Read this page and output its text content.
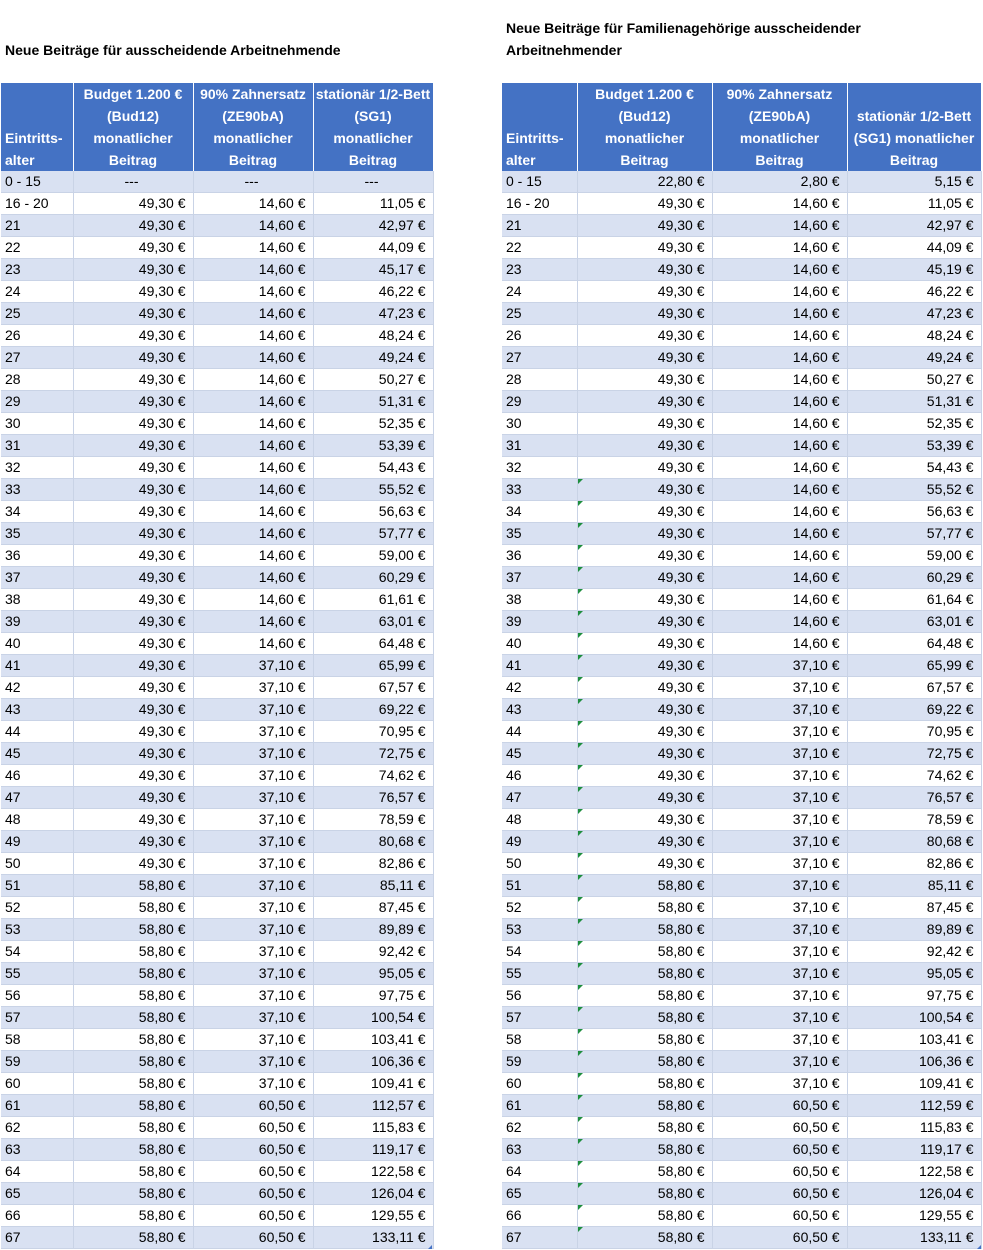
Neue Beiträge für ausscheidende Arbeitnehmende
Neue Beiträge für Familienagehörige ausscheidender Arbeitnehmender
Eintritts- alter	Budget 1.200 € (Bud12) monatlicher Beitrag	90% Zahnersatz (ZE90bA) monatlicher Beitrag	stationär 1/2-Bett (SG1) monatlicher Beitrag
0 - 15	---	---	---
16 - 20	49,30 €	14,60 €	11,05 €
21	49,30 €	14,60 €	42,97 €
22	49,30 €	14,60 €	44,09 €
23	49,30 €	14,60 €	45,17 €
24	49,30 €	14,60 €	46,22 €
25	49,30 €	14,60 €	47,23 €
26	49,30 €	14,60 €	48,24 €
27	49,30 €	14,60 €	49,24 €
28	49,30 €	14,60 €	50,27 €
29	49,30 €	14,60 €	51,31 €
30	49,30 €	14,60 €	52,35 €
31	49,30 €	14,60 €	53,39 €
32	49,30 €	14,60 €	54,43 €
33	49,30 €	14,60 €	55,52 €
34	49,30 €	14,60 €	56,63 €
35	49,30 €	14,60 €	57,77 €
36	49,30 €	14,60 €	59,00 €
37	49,30 €	14,60 €	60,29 €
38	49,30 €	14,60 €	61,61 €
39	49,30 €	14,60 €	63,01 €
40	49,30 €	14,60 €	64,48 €
41	49,30 €	37,10 €	65,99 €
42	49,30 €	37,10 €	67,57 €
43	49,30 €	37,10 €	69,22 €
44	49,30 €	37,10 €	70,95 €
45	49,30 €	37,10 €	72,75 €
46	49,30 €	37,10 €	74,62 €
47	49,30 €	37,10 €	76,57 €
48	49,30 €	37,10 €	78,59 €
49	49,30 €	37,10 €	80,68 €
50	49,30 €	37,10 €	82,86 €
51	58,80 €	37,10 €	85,11 €
52	58,80 €	37,10 €	87,45 €
53	58,80 €	37,10 €	89,89 €
54	58,80 €	37,10 €	92,42 €
55	58,80 €	37,10 €	95,05 €
56	58,80 €	37,10 €	97,75 €
57	58,80 €	37,10 €	100,54 €
58	58,80 €	37,10 €	103,41 €
59	58,80 €	37,10 €	106,36 €
60	58,80 €	37,10 €	109,41 €
61	58,80 €	60,50 €	112,57 €
62	58,80 €	60,50 €	115,83 €
63	58,80 €	60,50 €	119,17 €
64	58,80 €	60,50 €	122,58 €
65	58,80 €	60,50 €	126,04 €
66	58,80 €	60,50 €	129,55 €
67	58,80 €	60,50 €	133,11 €
Eintritts- alter	Budget 1.200 € (Bud12) monatlicher Beitrag	90% Zahnersatz (ZE90bA) monatlicher Beitrag	stationär 1/2-Bett (SG1) monatlicher Beitrag
0 - 15	22,80 €	2,80 €	5,15 €
16 - 20	49,30 €	14,60 €	11,05 €
21	49,30 €	14,60 €	42,97 €
22	49,30 €	14,60 €	44,09 €
23	49,30 €	14,60 €	45,19 €
24	49,30 €	14,60 €	46,22 €
25	49,30 €	14,60 €	47,23 €
26	49,30 €	14,60 €	48,24 €
27	49,30 €	14,60 €	49,24 €
28	49,30 €	14,60 €	50,27 €
29	49,30 €	14,60 €	51,31 €
30	49,30 €	14,60 €	52,35 €
31	49,30 €	14,60 €	53,39 €
32	49,30 €	14,60 €	54,43 €
33	49,30 €	14,60 €	55,52 €
34	49,30 €	14,60 €	56,63 €
35	49,30 €	14,60 €	57,77 €
36	49,30 €	14,60 €	59,00 €
37	49,30 €	14,60 €	60,29 €
38	49,30 €	14,60 €	61,64 €
39	49,30 €	14,60 €	63,01 €
40	49,30 €	14,60 €	64,48 €
41	49,30 €	37,10 €	65,99 €
42	49,30 €	37,10 €	67,57 €
43	49,30 €	37,10 €	69,22 €
44	49,30 €	37,10 €	70,95 €
45	49,30 €	37,10 €	72,75 €
46	49,30 €	37,10 €	74,62 €
47	49,30 €	37,10 €	76,57 €
48	49,30 €	37,10 €	78,59 €
49	49,30 €	37,10 €	80,68 €
50	49,30 €	37,10 €	82,86 €
51	58,80 €	37,10 €	85,11 €
52	58,80 €	37,10 €	87,45 €
53	58,80 €	37,10 €	89,89 €
54	58,80 €	37,10 €	92,42 €
55	58,80 €	37,10 €	95,05 €
56	58,80 €	37,10 €	97,75 €
57	58,80 €	37,10 €	100,54 €
58	58,80 €	37,10 €	103,41 €
59	58,80 €	37,10 €	106,36 €
60	58,80 €	37,10 €	109,41 €
61	58,80 €	60,50 €	112,59 €
62	58,80 €	60,50 €	115,83 €
63	58,80 €	60,50 €	119,17 €
64	58,80 €	60,50 €	122,58 €
65	58,80 €	60,50 €	126,04 €
66	58,80 €	60,50 €	129,55 €
67	58,80 €	60,50 €	133,11 €
